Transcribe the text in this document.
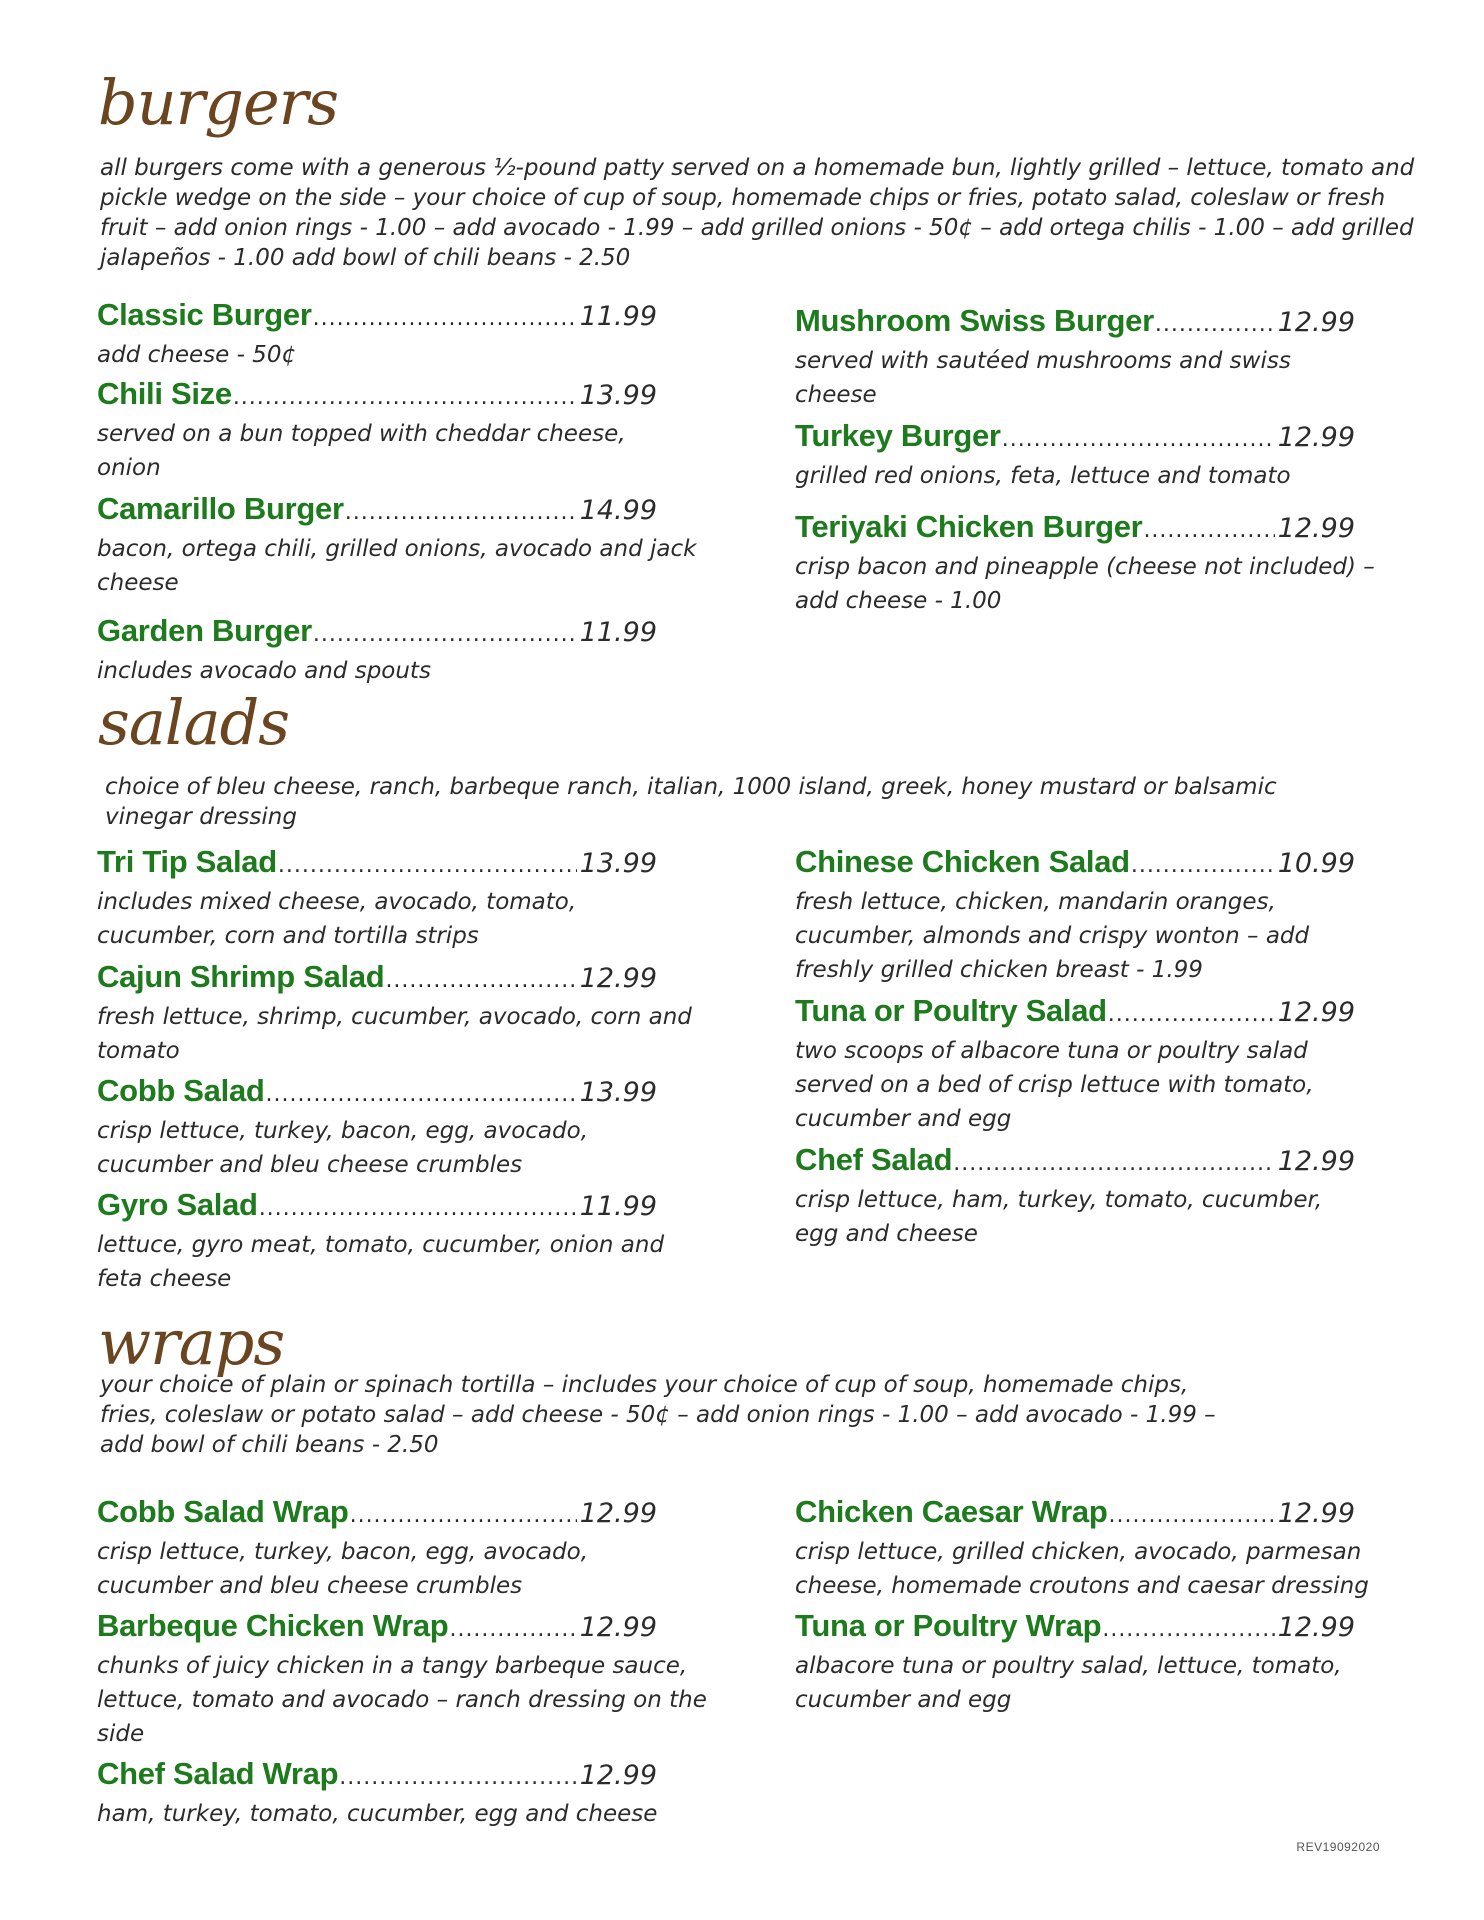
burgers
all burgers come with a generous ½-pound patty served on a homemade bun, lightly grilled – lettuce, tomato and pickle wedge on the side – your choice of cup of soup, homemade chips or fries, potato salad, coleslaw or fresh fruit – add onion rings - 1.00 – add avocado - 1.99 – add grilled onions - 50¢ – add ortega chilis - 1.00 – add grilled jalapeños - 1.00 add bowl of chili beans - 2.50
Classic Burger .....	11.99
add cheese - 50¢
Chili Size .....	13.99
served on a bun topped with cheddar cheese, onion
Camarillo Burger .....	14.99
bacon, ortega chili, grilled onions, avocado and jack cheese
Garden Burger .....	11.99
includes avocado and spouts
Mushroom Swiss Burger .....	12.99
served with sautéed mushrooms and swiss cheese
Turkey Burger .....	12.99
grilled red onions, feta, lettuce and tomato
Teriyaki Chicken Burger .....	12.99
crisp bacon and pineapple (cheese not included) – add cheese - 1.00
salads
choice of bleu cheese, ranch, barbeque ranch, italian, 1000 island, greek, honey mustard or balsamic vinegar dressing
Tri Tip Salad .....	13.99
includes mixed cheese, avocado, tomato, cucumber, corn and tortilla strips
Cajun Shrimp Salad .....	12.99
fresh lettuce, shrimp, cucumber, avocado, corn and tomato
Cobb Salad .....	13.99
crisp lettuce, turkey, bacon, egg, avocado, cucumber and bleu cheese crumbles
Gyro Salad .....	11.99
lettuce, gyro meat, tomato, cucumber, onion and feta cheese
Chinese Chicken Salad .....	10.99
fresh lettuce, chicken, mandarin oranges, cucumber, almonds and crispy wonton – add freshly grilled chicken breast - 1.99
Tuna or Poultry Salad .....	12.99
two scoops of albacore tuna or poultry salad served on a bed of crisp lettuce with tomato, cucumber and egg
Chef Salad .....	12.99
crisp lettuce, ham, turkey, tomato, cucumber, egg and cheese
wraps
your choice of plain or spinach tortilla – includes your choice of cup of soup, homemade chips, fries, coleslaw or potato salad – add cheese - 50¢ – add onion rings - 1.00 – add avocado - 1.99 – add bowl of chili beans - 2.50
Cobb Salad Wrap .....	12.99
crisp lettuce, turkey, bacon, egg, avocado, cucumber and bleu cheese crumbles
Barbeque Chicken Wrap .....	12.99
chunks of juicy chicken in a tangy barbeque sauce, lettuce, tomato and avocado – ranch dressing on the side
Chef Salad Wrap .....	12.99
ham, turkey, tomato, cucumber, egg and cheese
Chicken Caesar Wrap .....	12.99
crisp lettuce, grilled chicken, avocado, parmesan cheese, homemade croutons and caesar dressing
Tuna or Poultry Wrap .....	12.99
albacore tuna or poultry salad, lettuce, tomato, cucumber and egg
REV19092020
